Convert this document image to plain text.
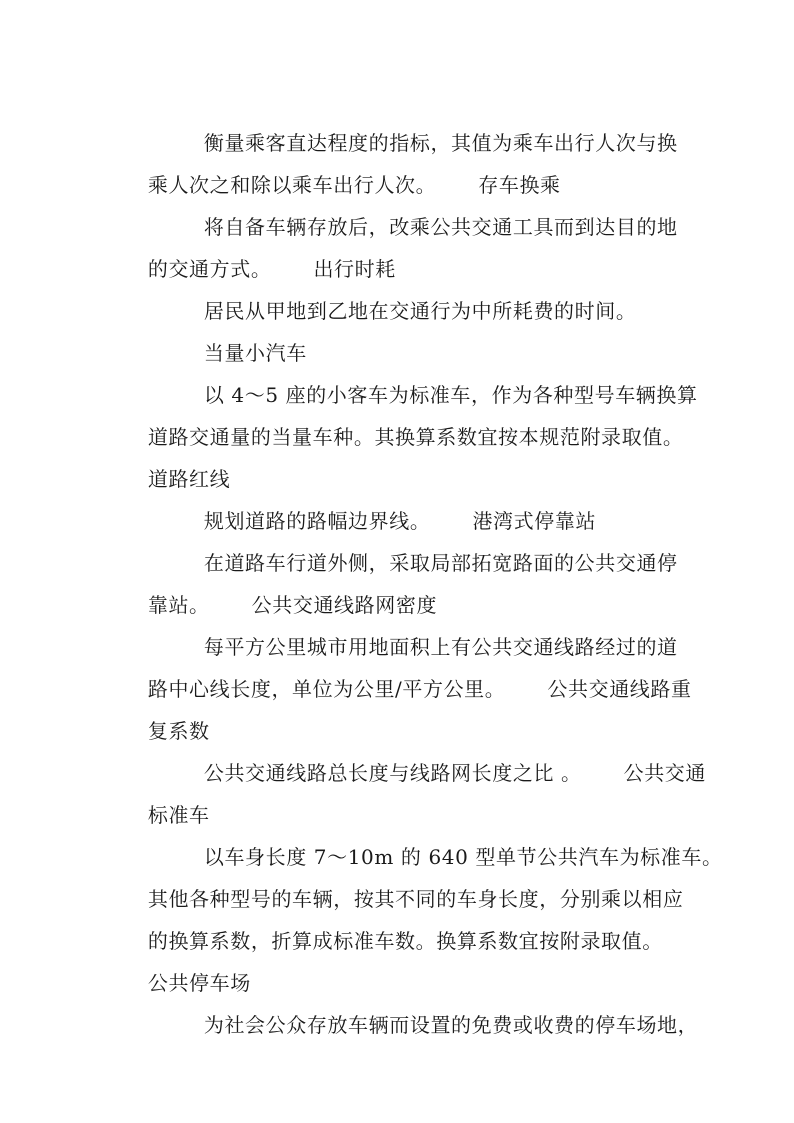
衡量乘客直达程度的指标，其值为乘车出行人次与换

乘人次之和除以乘车出行人次。 存车换乘

将自备车辆存放后，改乘公共交通工具而到达目的地

的交通方式。 出行时耗

居民从甲地到乙地在交通行为中所耗费的时间。

当量小汽车

以 4～5 座的小客车为标准车，作为各种型号车辆换算

道路交通量的当量车种。其换算系数宜按本规范附录取值。

道路红线

规划道路的路幅边界线。 港湾式停靠站

在道路车行道外侧，采取局部拓宽路面的公共交通停

靠站。 公共交通线路网密度

每平方公里城市用地面积上有公共交通线路经过的道

路中心线长度，单位为公里/平方公里。 公共交通线路重

复系数

公共交通线路总长度与线路网长度之比 。 公共交通

标准车

以车身长度 7～10m 的 640 型单节公共汽车为标准车。

其他各种型号的车辆，按其不同的车身长度，分别乘以相应

的换算系数，折算成标准车数。换算系数宜按附录取值。

公共停车场

为社会公众存放车辆而设置的免费或收费的停车场地，
